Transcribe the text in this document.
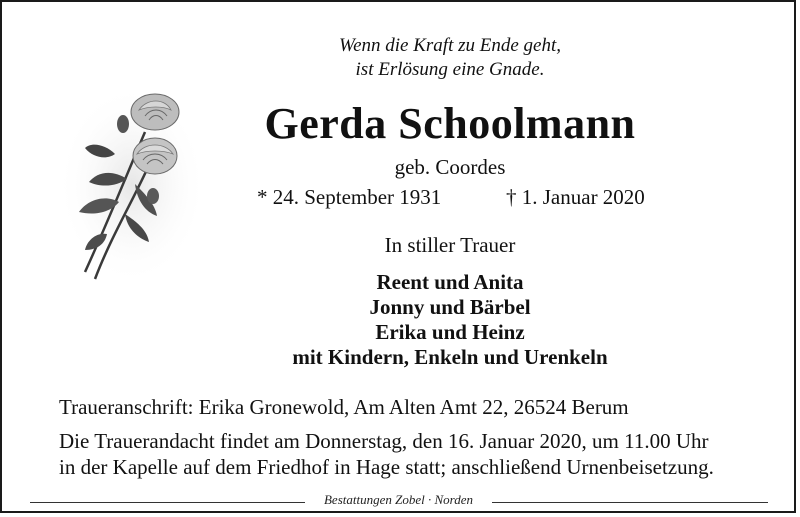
Wenn die Kraft zu Ende geht,
ist Erlösung eine Gnade.
Gerda Schoolmann
geb. Coordes
* 24. September 1931	† 1. Januar 2020
In stiller Trauer
Reent und Anita
Jonny und Bärbel
Erika und Heinz
mit Kindern, Enkeln und Urenkeln
Traueranschrift: Erika Gronewold, Am Alten Amt 22, 26524 Berum
Die Trauerandacht findet am Donnerstag, den 16. Januar 2020, um 11.00 Uhr
in der Kapelle auf dem Friedhof in Hage statt; anschließend Urnenbeisetzung.
Bestattungen Zobel · Norden
